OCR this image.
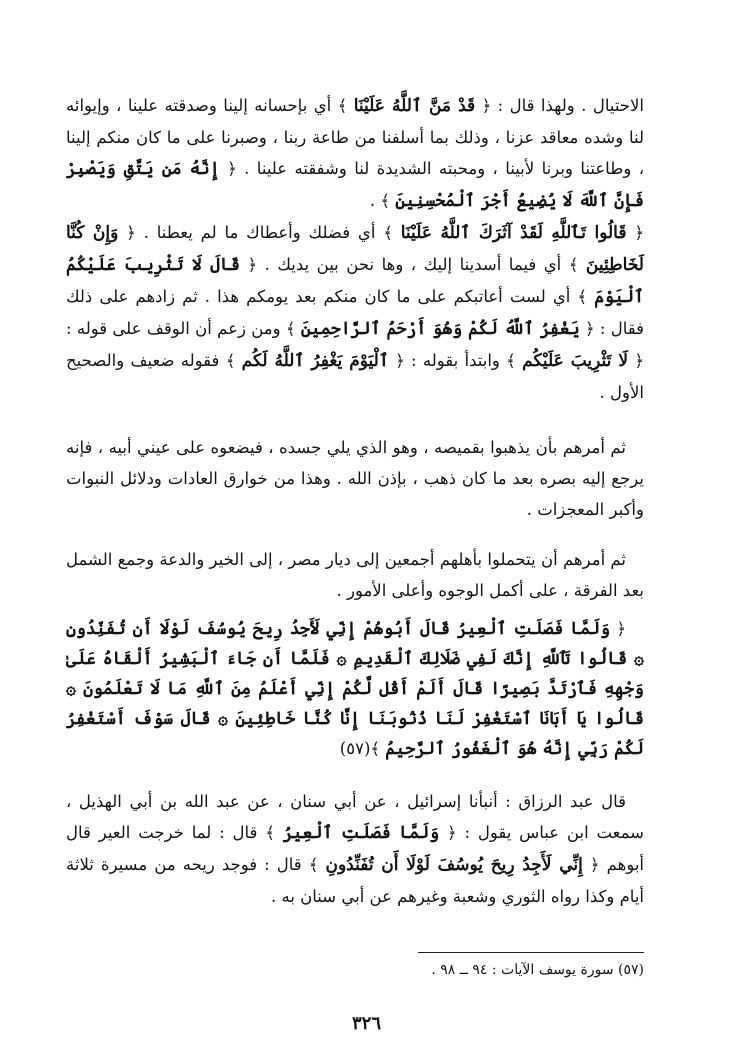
الاحتيال . ولهذا قال : ﴿ قَدْ مَنَّ ٱللَّهُ عَلَيْنَا ﴾ أي بإحسانه إلينا وصدقته علينا ، وإيوائه لنا وشده معاقد عزنا ، وذلك بما أسلفنا من طاعة ربنا ، وصبرنا على ما كان منكم إلينا ، وطاعتنا وبرنا لأبينا ، ومحبته الشديدة لنا وشفقته علينا . ﴿ إِنَّهُ مَن يَتَّقِ وَيَصْبِرْ فَإِنَّ ٱللَّهَ لَا يُضِيعُ أَجْرَ ٱلْمُحْسِنِينَ ﴾ .
﴿ قَالُوا تَٱللَّهِ لَقَدْ آثَرَكَ ٱللَّهُ عَلَيْنَا ﴾ أي فضلك وأعطاك ما لم يعطنا . ﴿ وَإِنْ كُنَّا لَخَاطِئِينَ ﴾ أي فيما أسدينا إليك ، وها نحن بين يديك . ﴿ قَالَ لَا تَثْرِيبَ عَلَيْكُمُ ٱلْيَوْمَ ﴾ أي لست أعاتبكم على ما كان منكم بعد يومكم هذا . ثم زادهم على ذلك فقال : ﴿ يَغْفِرُ ٱللَّهُ لَكُمْ وَهُوَ أَرْحَمُ ٱلرَّاحِمِينَ ﴾ ومن زعم أن الوقف على قوله : ﴿ لَا تَثْرِيبَ عَلَيْكُم ﴾ وابتدأ بقوله : ﴿ ٱلْيَوْمَ يَغْفِرُ ٱللَّهُ لَكُم ﴾ فقوله ضعيف والصحيح الأول .
ثم أمرهم بأن يذهبوا بقميصه ، وهو الذي يلي جسده ، فيضعوه على عيني أبيه ، فإنه يرجع إليه بصره بعد ما كان ذهب ، بإذن الله . وهذا من خوارق العادات ودلائل النبوات وأكبر المعجزات .
ثم أمرهم أن يتحملوا بأهلهم أجمعين إلى ديار مصر ، إلى الخير والدعة وجمع الشمل بعد الفرقة ، على أكمل الوجوه وأعلى الأمور .
﴿ وَلَمَّا فَصَلَتِ ٱلْعِيرُ قَالَ أَبُوهُمْ إِنِّي لَأَجِدُ رِيحَ يُوسُفَ لَوْلَا أَن تُفَنِّدُونِ ۞ قَالُوا تَٱللَّهِ إِنَّكَ لَفِي ضَلَالِكَ ٱلْقَدِيمِ ۞ فَلَمَّا أَن جَاءَ ٱلْبَشِيرُ أَلْقَاهُ عَلَىٰ وَجْهِهِ فَٱرْتَدَّ بَصِيرًا قَالَ أَلَمْ أَقُل لَّكُمْ إِنِّي أَعْلَمُ مِنَ ٱللَّهِ مَا لَا تَعْلَمُونَ ۞ قَالُوا يَا أَبَانَا ٱسْتَغْفِرْ لَنَا ذُنُوبَنَا إِنَّا كُنَّا خَاطِئِينَ ۞ قَالَ سَوْفَ أَسْتَغْفِرُ لَكُمْ رَبِّي إِنَّهُ هُوَ ٱلْغَفُورُ ٱلرَّحِيمُ ﴾(٥٧)
قال عبد الرزاق : أنبأنا إسرائيل ، عن أبي سنان ، عن عبد الله بن أبي الهذيل ، سمعت ابن عباس يقول : ﴿ وَلَمَّا فَصَلَتِ ٱلْعِيرُ ﴾ قال : لما خرجت العير قال أبوهم ﴿ إِنِّي لَأَجِدُ رِيحَ يُوسُفَ لَوْلَا أَن تُفَنِّدُونِ ﴾ قال : فوجد ريحه من مسيرة ثلاثة أيام وكذا رواه الثوري وشعبة وغيرهم عن أبي سنان به .
(٥٧) سورة يوسف الآيات : ٩٤ ــ ٩٨ .
٣٢٦
